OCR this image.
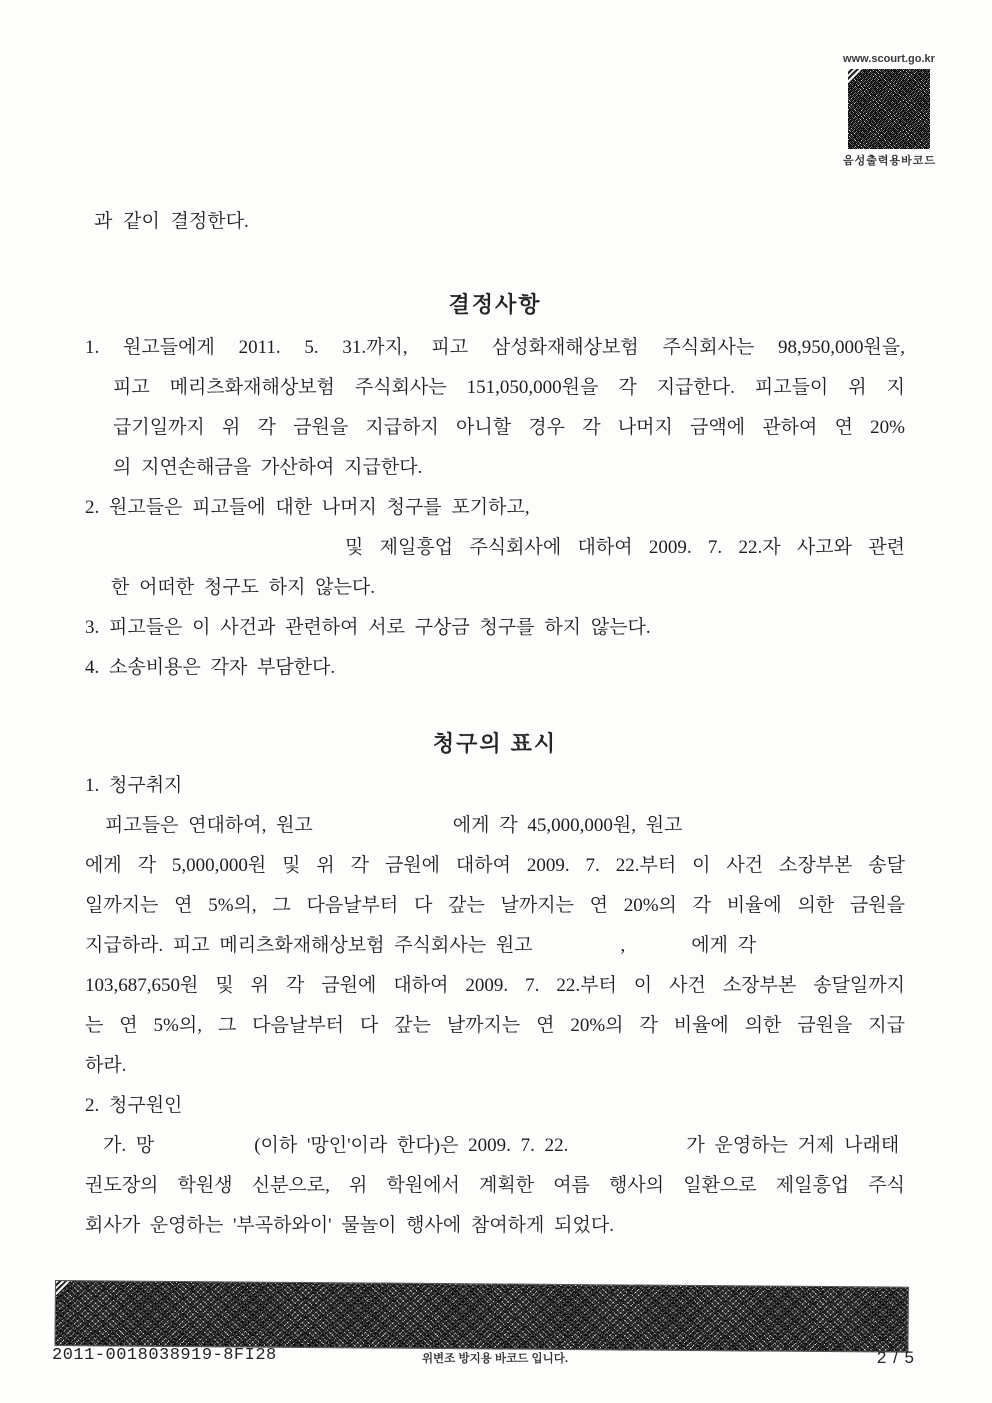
www.scourt.go.kr
음성출력용바코드
과 같이 결정한다.
결정사항
1. 원고들에게 2011. 5. 31.까지, 피고 삼성화재해상보험 주식회사는 98,950,000원을,
피고 메리츠화재해상보험 주식회사는 151,050,000원을 각 지급한다. 피고들이 위 지
급기일까지 위 각 금원을 지급하지 아니할 경우 각 나머지 금액에 관하여 연 20%
의 지연손해금을 가산하여 지급한다.
2. 원고들은 피고들에 대한 나머지 청구를 포기하고,
및 제일흥업 주식회사에 대하여 2009. 7. 22.자 사고와 관련
한 어떠한 청구도 하지 않는다.
3. 피고들은 이 사건과 관련하여 서로 구상금 청구를 하지 않는다.
4. 소송비용은 각자 부담한다.
청구의 표시
1. 청구취지
피고들은 연대하여, 원고	에게 각 45,000,000원, 원고
에게 각 5,000,000원 및 위 각 금원에 대하여 2009. 7. 22.부터 이 사건 소장부본 송달
일까지는 연 5%의, 그 다음날부터 다 갚는 날까지는 연 20%의 각 비율에 의한 금원을
지급하라. 피고 메리츠화재해상보험 주식회사는 원고	,	에게 각
103,687,650원 및 위 각 금원에 대하여 2009. 7. 22.부터 이 사건 소장부본 송달일까지
는 연 5%의, 그 다음날부터 다 갚는 날까지는 연 20%의 각 비율에 의한 금원을 지급
하라.
2. 청구원인
가. 망	(이하 '망인'이라 한다)은 2009. 7. 22.	가 운영하는 거제 나래태
권도장의 학원생 신분으로, 위 학원에서 계획한 여름 행사의 일환으로 제일흥업 주식
회사가 운영하는 '부곡하와이' 물놀이 행사에 참여하게 되었다.
2011-0018038919-8FI28	위변조 방지용 바코드 입니다.	2 / 5
